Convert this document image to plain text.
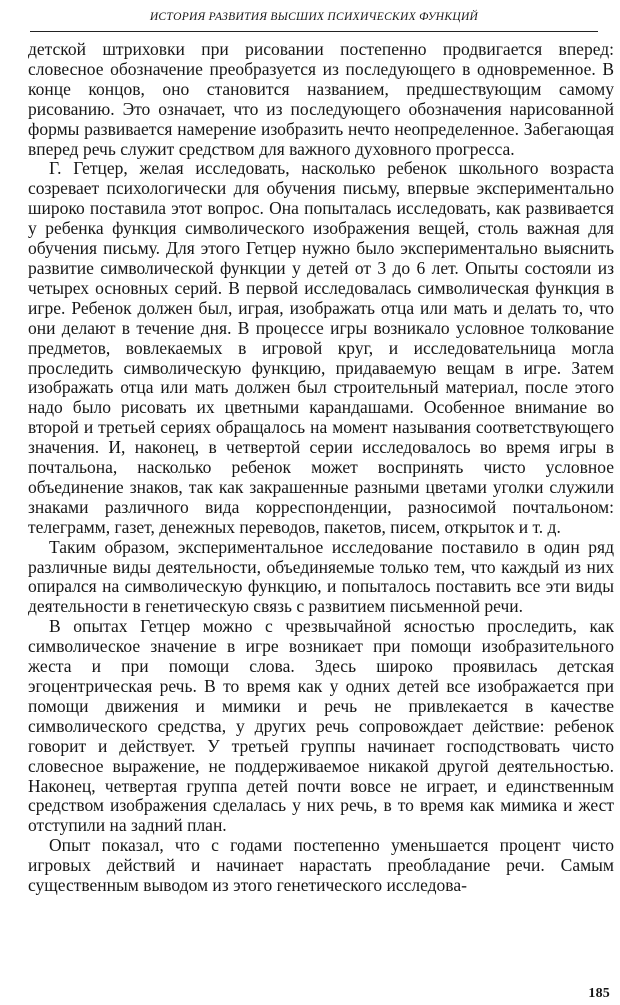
ИСТОРИЯ РАЗВИТИЯ ВЫСШИХ ПСИХИЧЕСКИХ ФУНКЦИЙ

детской штриховки при рисовании постепенно продвигается вперед: словесное обозначение преобразуется из последующего в одновременное. В конце концов, оно становится названием, предшествующим самому рисованию. Это означает, что из последующего обозначения нарисованной формы развивается намерение изобразить нечто неопределенное. Забегающая вперед речь служит средством для важного духовного прогресса.

Г. Гетцер, желая исследовать, насколько ребенок школьного возраста созревает психологически для обучения письму, впервые экспериментально широко поставила этот вопрос. Она попыталась исследовать, как развивается у ребенка функция символического изображения вещей, столь важная для обучения письму. Для этого Гетцер нужно было экспериментально выяснить развитие символической функции у детей от 3 до 6 лет. Опыты состояли из четырех основных серий. В первой исследовалась символическая функция в игре. Ребенок должен был, играя, изображать отца или мать и делать то, что они делают в течение дня. В процессе игры возникало условное толкование предметов, вовлекаемых в игровой круг, и исследовательница могла проследить символическую функцию, придаваемую вещам в игре. Затем изображать отца или мать должен был строительный материал, после этого надо было рисовать их цветными карандашами. Особенное внимание во второй и третьей сериях обращалось на момент называния соответствующего значения. И, наконец, в четвертой серии исследовалось во время игры в почтальона, насколько ребенок может воспринять чисто условное объединение знаков, так как закрашенные разными цветами уголки служили знаками различного вида корреспонденции, разносимой почтальоном: телеграмм, газет, денежных переводов, пакетов, писем, открыток и т. д.

Таким образом, экспериментальное исследование поставило в один ряд различные виды деятельности, объединяемые только тем, что каждый из них опирался на символическую функцию, и попыталось поставить все эти виды деятельности в генетическую связь с развитием письменной речи.

В опытах Гетцер можно с чрезвычайной ясностью проследить, как символическое значение в игре возникает при помощи изобразительного жеста и при помощи слова. Здесь широко проявилась детская эгоцентрическая речь. В то время как у одних детей все изображается при помощи движения и мимики и речь не привлекается в качестве символического средства, у других речь сопровождает действие: ребенок говорит и действует. У третьей группы начинает господствовать чисто словесное выражение, не поддерживаемое никакой другой деятельностью. Наконец, четвертая группа детей почти вовсе не играет, и единственным средством изображения сделалась у них речь, в то время как мимика и жест отступили на задний план.

Опыт показал, что с годами постепенно уменьшается процент чисто игровых действий и начинает нарастать преобладание речи. Самым существенным выводом из этого генетического исследова-

185
